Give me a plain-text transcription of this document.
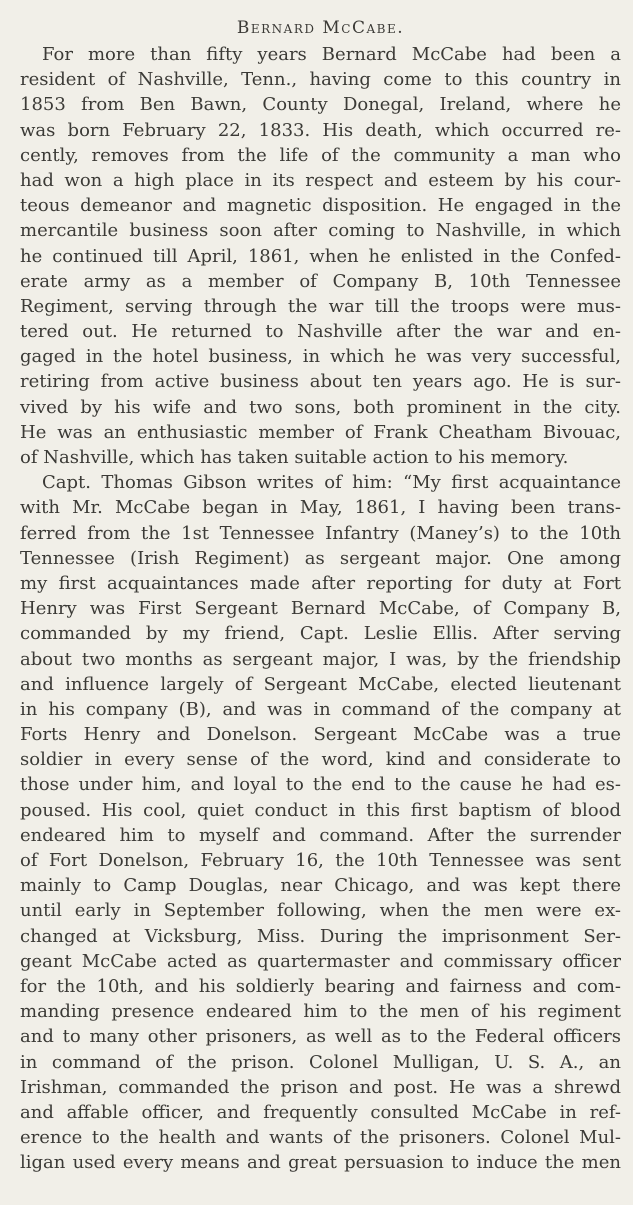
Bernard McCabe.
For more than fifty years Bernard McCabe had been a
resident of Nashville, Tenn., having come to this country in
1853 from Ben Bawn, County Donegal, Ireland, where he
was born February 22, 1833. His death, which occurred re-
cently, removes from the life of the community a man who
had won a high place in its respect and esteem by his cour-
teous demeanor and magnetic disposition. He engaged in the
mercantile business soon after coming to Nashville, in which
he continued till April, 1861, when he enlisted in the Confed-
erate army as a member of Company B, 10th Tennessee
Regiment, serving through the war till the troops were mus-
tered out. He returned to Nashville after the war and en-
gaged in the hotel business, in which he was very successful,
retiring from active business about ten years ago. He is sur-
vived by his wife and two sons, both prominent in the city.
He was an enthusiastic member of Frank Cheatham Bivouac,
of Nashville, which has taken suitable action to his memory.
Capt. Thomas Gibson writes of him: “My first acquaintance
with Mr. McCabe began in May, 1861, I having been trans-
ferred from the 1st Tennessee Infantry (Maney’s) to the 10th
Tennessee (Irish Regiment) as sergeant major. One among
my first acquaintances made after reporting for duty at Fort
Henry was First Sergeant Bernard McCabe, of Company B,
commanded by my friend, Capt. Leslie Ellis. After serving
about two months as sergeant major, I was, by the friendship
and influence largely of Sergeant McCabe, elected lieutenant
in his company (B), and was in command of the company at
Forts Henry and Donelson. Sergeant McCabe was a true
soldier in every sense of the word, kind and considerate to
those under him, and loyal to the end to the cause he had es-
poused. His cool, quiet conduct in this first baptism of blood
endeared him to myself and command. After the surrender
of Fort Donelson, February 16, the 10th Tennessee was sent
mainly to Camp Douglas, near Chicago, and was kept there
until early in September following, when the men were ex-
changed at Vicksburg, Miss. During the imprisonment Ser-
geant McCabe acted as quartermaster and commissary officer
for the 10th, and his soldierly bearing and fairness and com-
manding presence endeared him to the men of his regiment
and to many other prisoners, as well as to the Federal officers
in command of the prison. Colonel Mulligan, U. S. A., an
Irishman, commanded the prison and post. He was a shrewd
and affable officer, and frequently consulted McCabe in ref-
erence to the health and wants of the prisoners. Colonel Mul-
ligan used every means and great persuasion to induce the men
